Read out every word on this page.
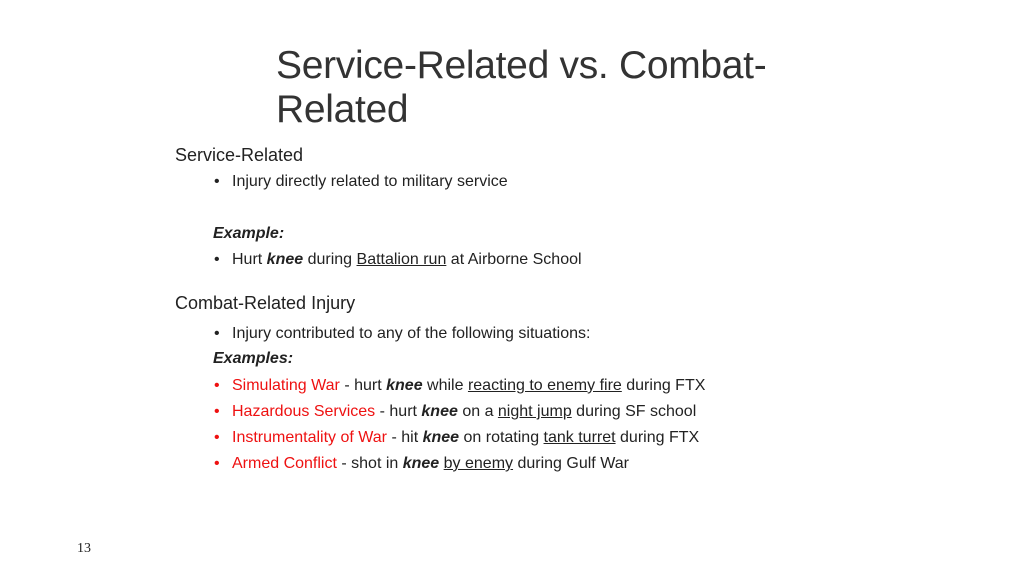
Service-Related vs. Combat-Related
Service-Related
• Injury directly related to military service
Example:
• Hurt knee during Battalion run at Airborne School
Combat-Related Injury
• Injury contributed to any of the following situations:
Examples:
• Simulating War - hurt knee while reacting to enemy fire during FTX
• Hazardous Services - hurt knee on a night jump during SF school
• Instrumentality of War - hit knee on rotating tank turret during FTX
• Armed Conflict - shot in knee by enemy during Gulf War
13
